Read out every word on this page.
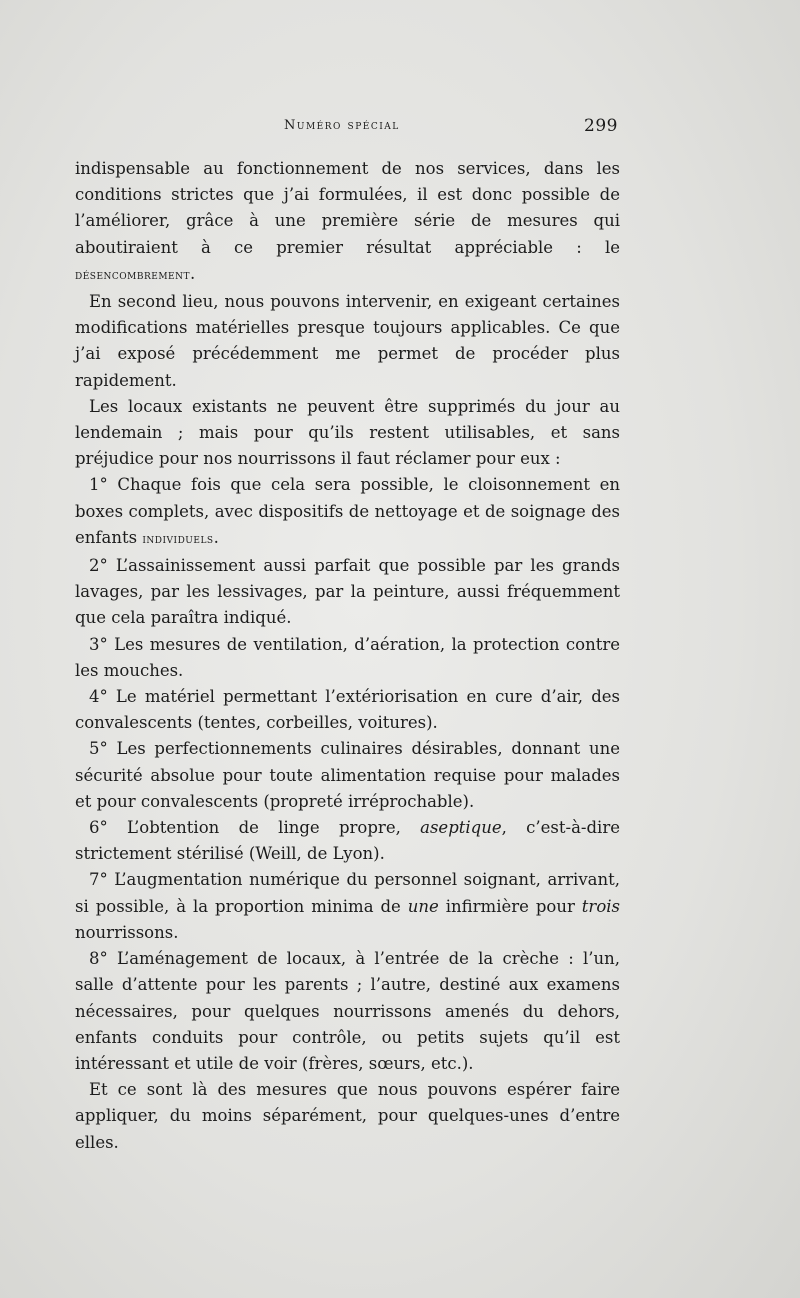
Numéro spécial	299

indispensable au fonctionnement de nos services, dans les conditions strictes que j’ai formulées, il est donc possible de l’améliorer, grâce à une première série de mesures qui aboutiraient à ce premier résultat appréciable : le désencombrement.

En second lieu, nous pouvons intervenir, en exigeant certaines modifications matérielles presque toujours applicables. Ce que j’ai exposé précédemment me permet de procéder plus rapidement.

Les locaux existants ne peuvent être supprimés du jour au lendemain ; mais pour qu’ils restent utilisables, et sans préjudice pour nos nourrissons il faut réclamer pour eux :

1° Chaque fois que cela sera possible, le cloisonnement en boxes complets, avec dispositifs de nettoyage et de soignage des enfants individuels.

2° L’assainissement aussi parfait que possible par les grands lavages, par les lessivages, par la peinture, aussi fréquemment que cela paraîtra indiqué.

3° Les mesures de ventilation, d’aération, la protection contre les mouches.

4° Le matériel permettant l’extériorisation en cure d’air, des convalescents (tentes, corbeilles, voitures).

5° Les perfectionnements culinaires désirables, donnant une sécurité absolue pour toute alimentation requise pour malades et pour convalescents (propreté irréprochable).

6° L’obtention de linge propre, aseptique, c’est-à-dire strictement stérilisé (Weill, de Lyon).

7° L’augmentation numérique du personnel soignant, arrivant, si possible, à la proportion minima de une infirmière pour trois nourrissons.

8° L’aménagement de locaux, à l’entrée de la crèche : l’un, salle d’attente pour les parents ; l’autre, destiné aux examens nécessaires, pour quelques nourrissons amenés du dehors, enfants conduits pour contrôle, ou petits sujets qu’il est intéressant et utile de voir (frères, sœurs, etc.).

Et ce sont là des mesures que nous pouvons espérer faire appliquer, du moins séparément, pour quelques-unes d’entre elles.
